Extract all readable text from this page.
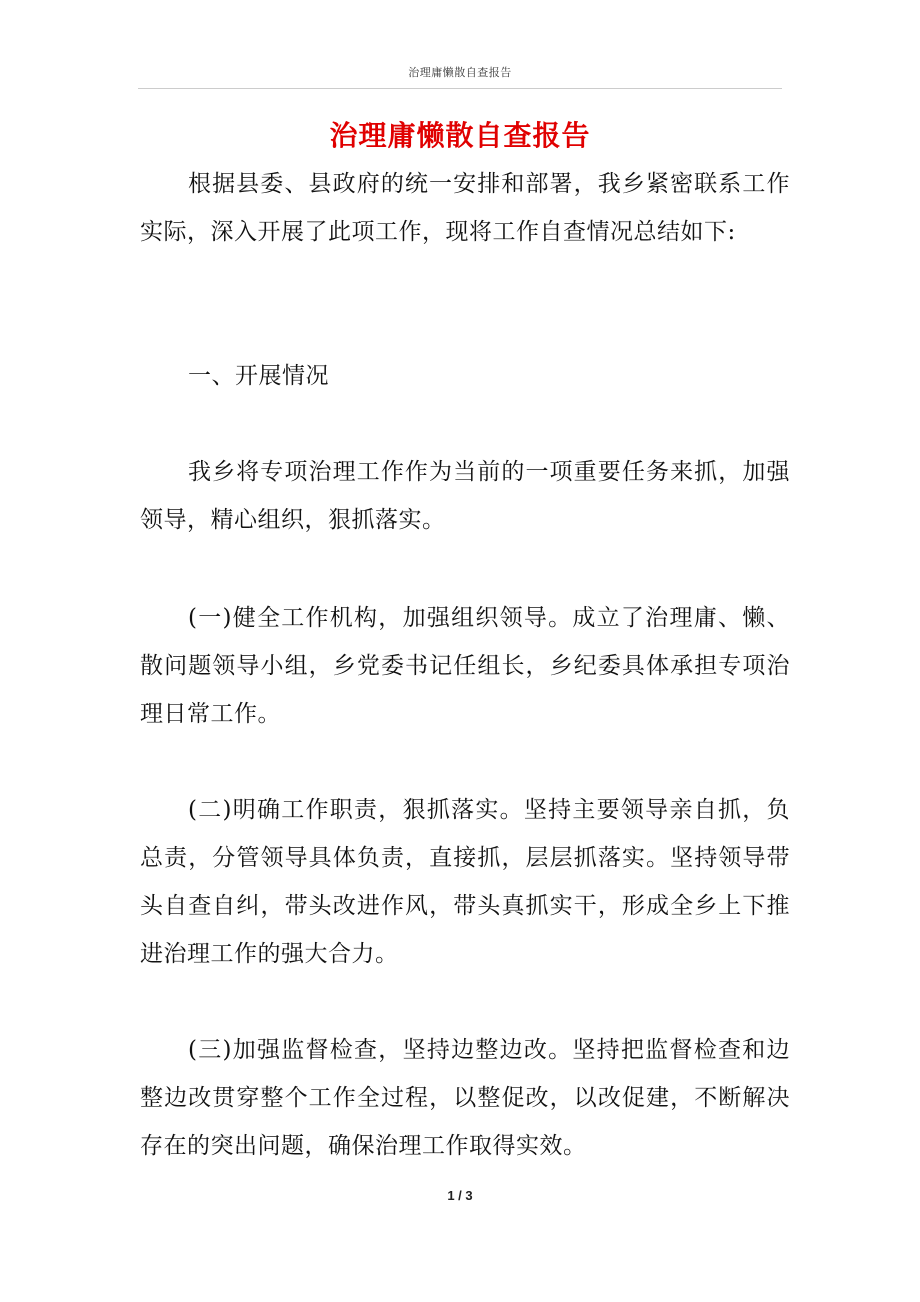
治理庸懒散自查报告
治理庸懒散自查报告

根据县委、县政府的统一安排和部署，我乡紧密联系工作实际，深入开展了此项工作，现将工作自查情况总结如下:

一、开展情况

我乡将专项治理工作作为当前的一项重要任务来抓，加强领导，精心组织，狠抓落实。

(一)健全工作机构，加强组织领导。成立了治理庸、懒、散问题领导小组，乡党委书记任组长，乡纪委具体承担专项治理日常工作。

(二)明确工作职责，狠抓落实。坚持主要领导亲自抓，负总责，分管领导具体负责，直接抓，层层抓落实。坚持领导带头自查自纠，带头改进作风，带头真抓实干，形成全乡上下推进治理工作的强大合力。

(三)加强监督检查，坚持边整边改。坚持把监督检查和边整边改贯穿整个工作全过程，以整促改，以改促建，不断解决存在的突出问题，确保治理工作取得实效。

1 / 3
